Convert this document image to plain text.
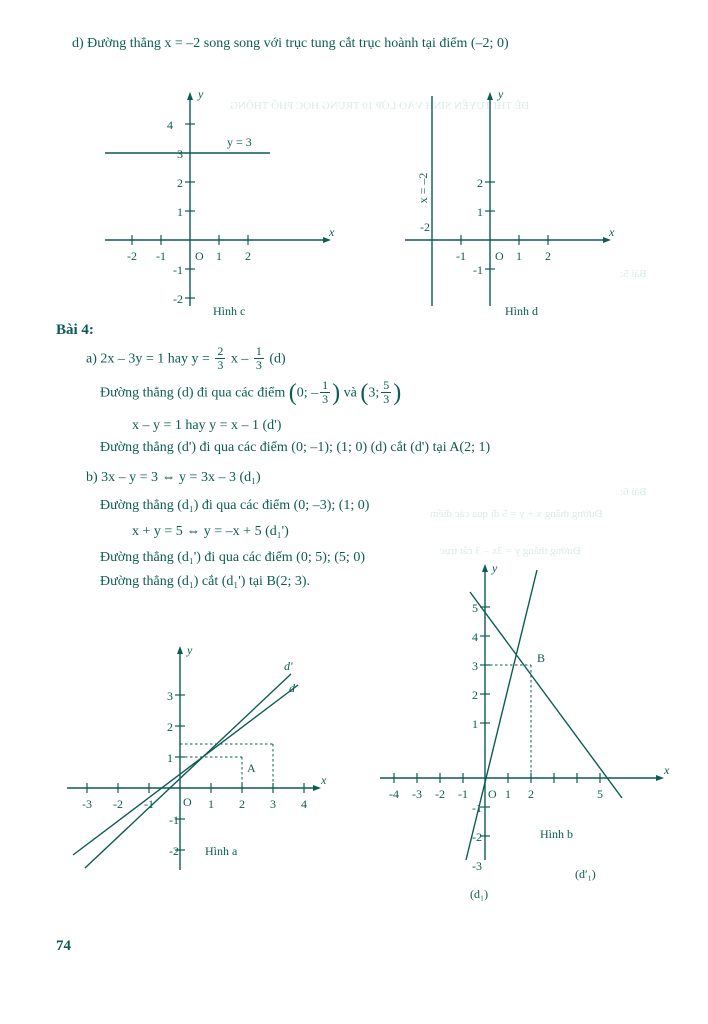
ĐỀ THI TUYỂN SINH VÀO LỚP 10 TRUNG HỌC PHỔ THÔNG
Bài 5:
Bài 6:
Đường thẳng x + y = 5 đi qua các điểm
Đường thẳng y = 3x – 3 cắt trục
d) Đường thẳng x = –2 song song với trục tung cắt trục hoành tại điểm (–2; 0)
4
3
2
1
-1
-2
-2 -1	1 2
O
y
x
y = 3
Hình c
2
1
-1
-2
-1	1 2
O
y
x
x = –2
Hình d
Bài 4:
a) 2x – 3y = 1 hay $y = \frac{2}{3}$ x – $\frac{1}{3} (d)$
Đường thẳng (d) đi qua các điểm (0; – $\frac{1}{3}$ ) và (3; $\frac{5}{3}$ )
x – y = 1 hay y = x – 1 (d')
Đường thẳng (d') đi qua các điểm (0; –1); (1; 0) (d) cắt (d') tại A(2; 1)
b) 3x – y = 3 ⇔ y = 3x – 3 (d₁)
Đường thẳng (d₁) đi qua các điểm (0; –3); (1; 0)
x + y = 5 ⇔ y = –x + 5 (d₁')
Đường thẳng (d₁') đi qua các điểm (0; 5); (5; 0)
Đường thẳng (d₁) cắt (d₁') tại B(2; 3).
-3 -2 -1	1 2 3 4
3
2
1
-1
-2
O
y
x
d'
d
A
Hình a
-4 -3 -2 -1	1 2	5
5
4
3
2
1
-1
-2
-3
O
y
x
B
(d₁)
(d′₁)
Hình b
74
